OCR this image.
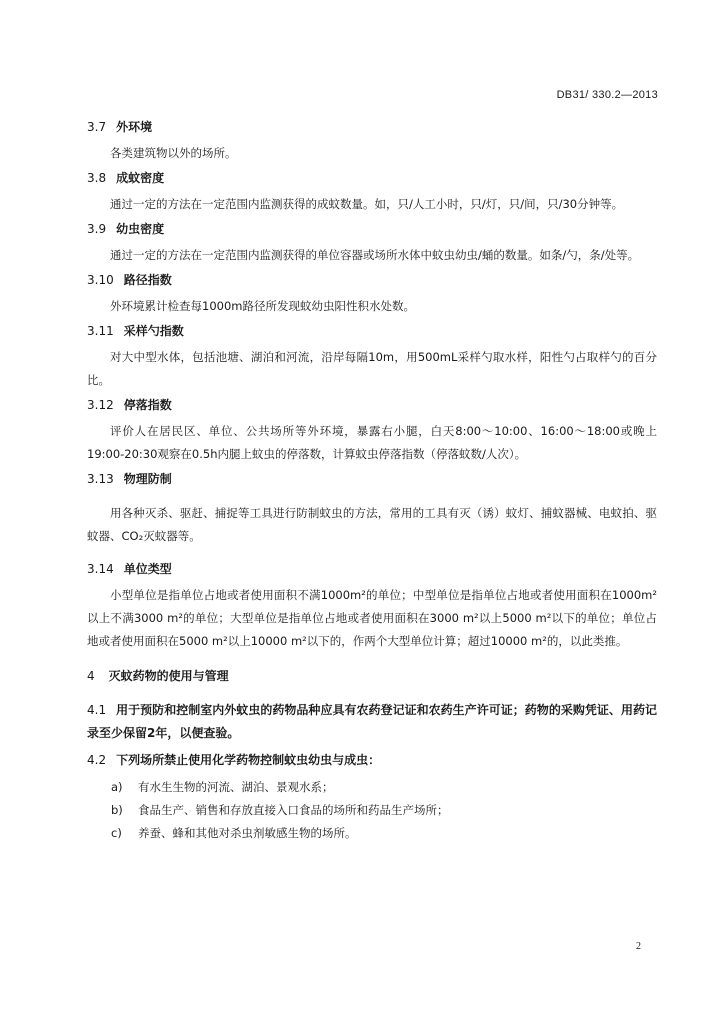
DB31/ 330.2—2013
3.7 外环境

各类建筑物以外的场所。

3.8 成蚊密度

通过一定的方法在一定范围内监测获得的成蚊数量。如，只/人工小时，只/灯，只/间，只/30分钟等。

3.9 幼虫密度

通过一定的方法在一定范围内监测获得的单位容器或场所水体中蚊虫幼虫/蛹的数量。如条/勺，条/处等。

3.10 路径指数

外环境累计检查每1000m路径所发现蚊幼虫阳性积水处数。

3.11 采样勺指数

对大中型水体，包括池塘、湖泊和河流，沿岸每隔10m，用500mL采样勺取水样，阳性勺占取样勺的百分比。

3.12 停落指数

评价人在居民区、单位、公共场所等外环境，暴露右小腿，白天8:00～10:00、16:00～18:00或晚上19:00-20:30观察在0.5h内腿上蚊虫的停落数，计算蚊虫停落指数（停落蚊数/人次）。

3.13 物理防制

用各种灭杀、驱赶、捕捉等工具进行防制蚊虫的方法，常用的工具有灭（诱）蚊灯、捕蚊器械、电蚊拍、驱蚊器、CO₂灭蚊器等。

3.14 单位类型

小型单位是指单位占地或者使用面积不满1000m²的单位；中型单位是指单位占地或者使用面积在1000m²以上不满3000 m²的单位；大型单位是指单位占地或者使用面积在3000 m²以上5000 m²以下的单位；单位占地或者使用面积在5000 m²以上10000 m²以下的，作两个大型单位计算；超过10000 m²的，以此类推。

4 灭蚊药物的使用与管理

4.1 用于预防和控制室内外蚊虫的药物品种应具有农药登记证和农药生产许可证；药物的采购凭证、用药记录至少保留2年，以便查验。

4.2 下列场所禁止使用化学药物控制蚊虫幼虫与成虫：

a) 有水生生物的河流、湖泊、景观水系；
b) 食品生产、销售和存放直接入口食品的场所和药品生产场所；
c) 养蚕、蜂和其他对杀虫剂敏感生物的场所。
2
